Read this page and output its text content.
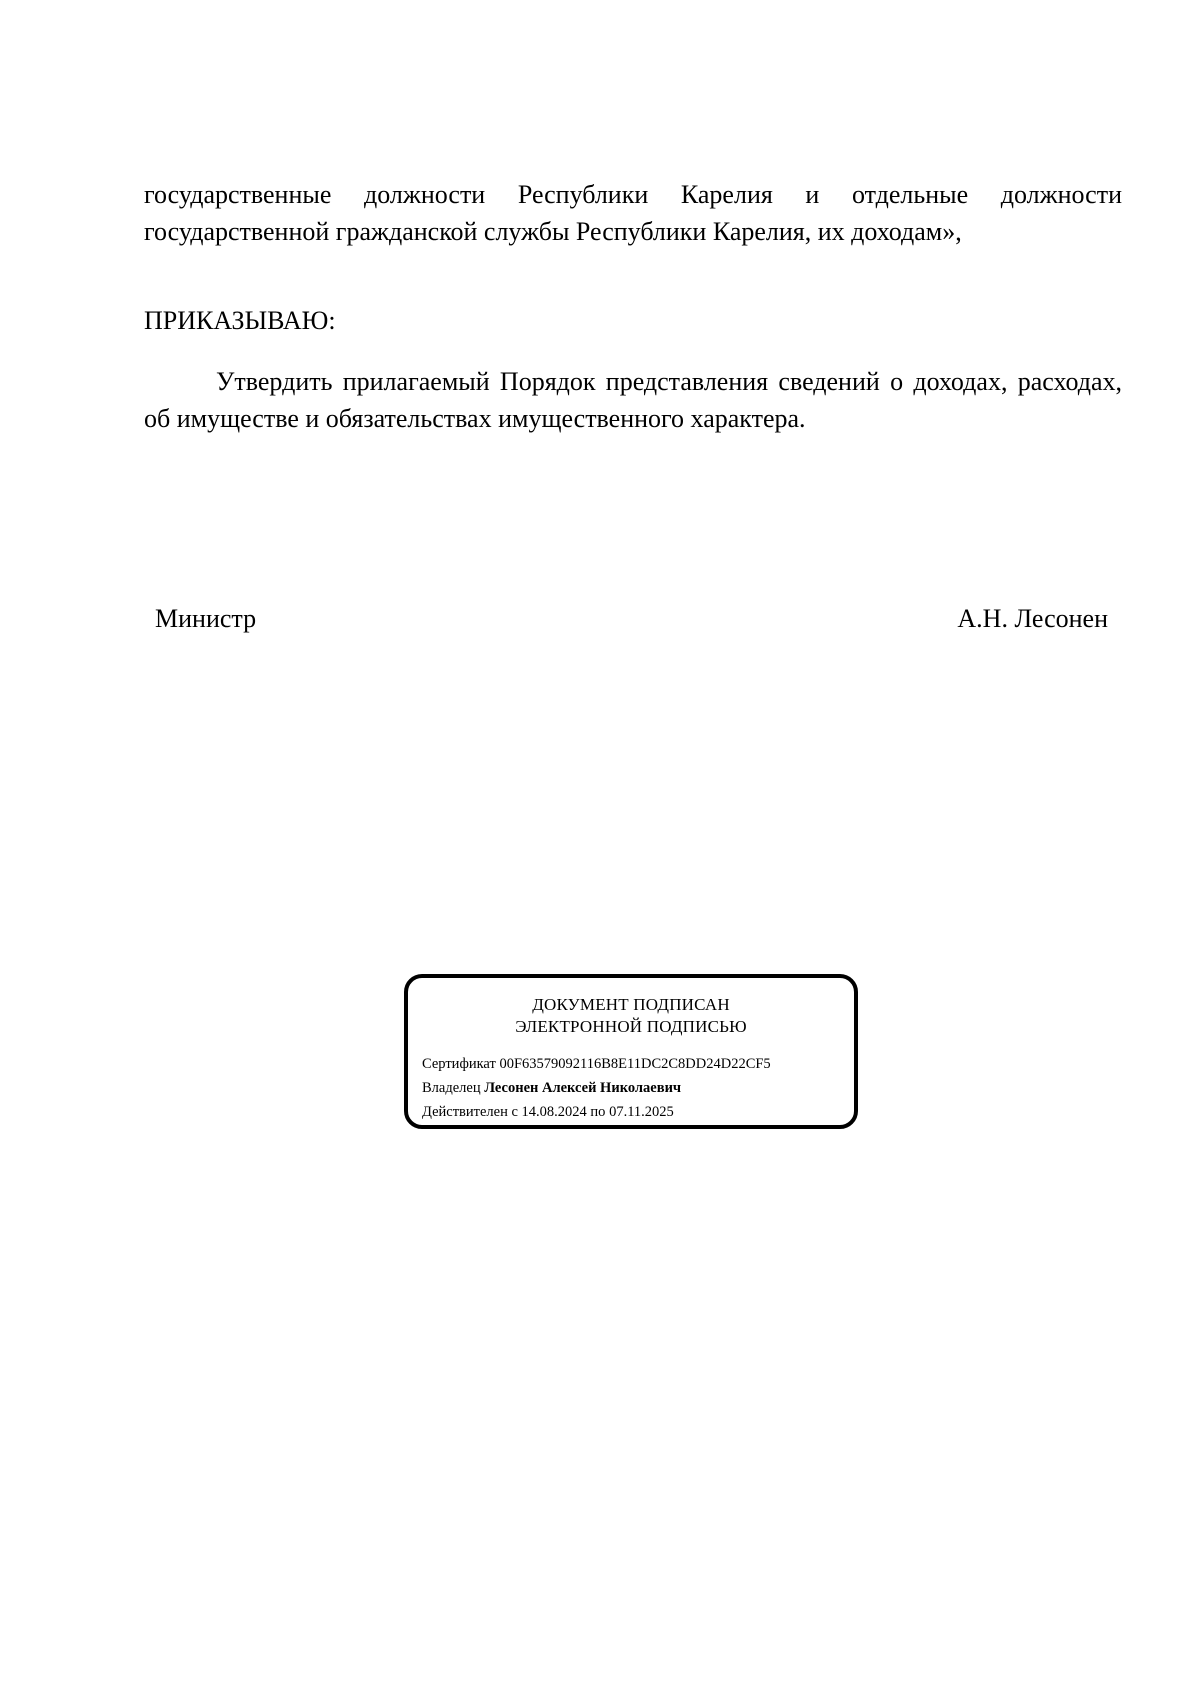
государственные должности Республики Карелия и отдельные должности государственной гражданской службы Республики Карелия, их доходам»,
ПРИКАЗЫВАЮ:
Утвердить прилагаемый Порядок представления сведений о доходах, расходах, об имуществе и обязательствах имущественного характера.
Министр	А.Н. Лесонен
ДОКУМЕНТ ПОДПИСАН
ЭЛЕКТРОННОЙ ПОДПИСЬЮ
Сертификат 00F63579092116B8E11DC2C8DD24D22CF5
Владелец Лесонен Алексей Николаевич
Действителен с 14.08.2024 по 07.11.2025
